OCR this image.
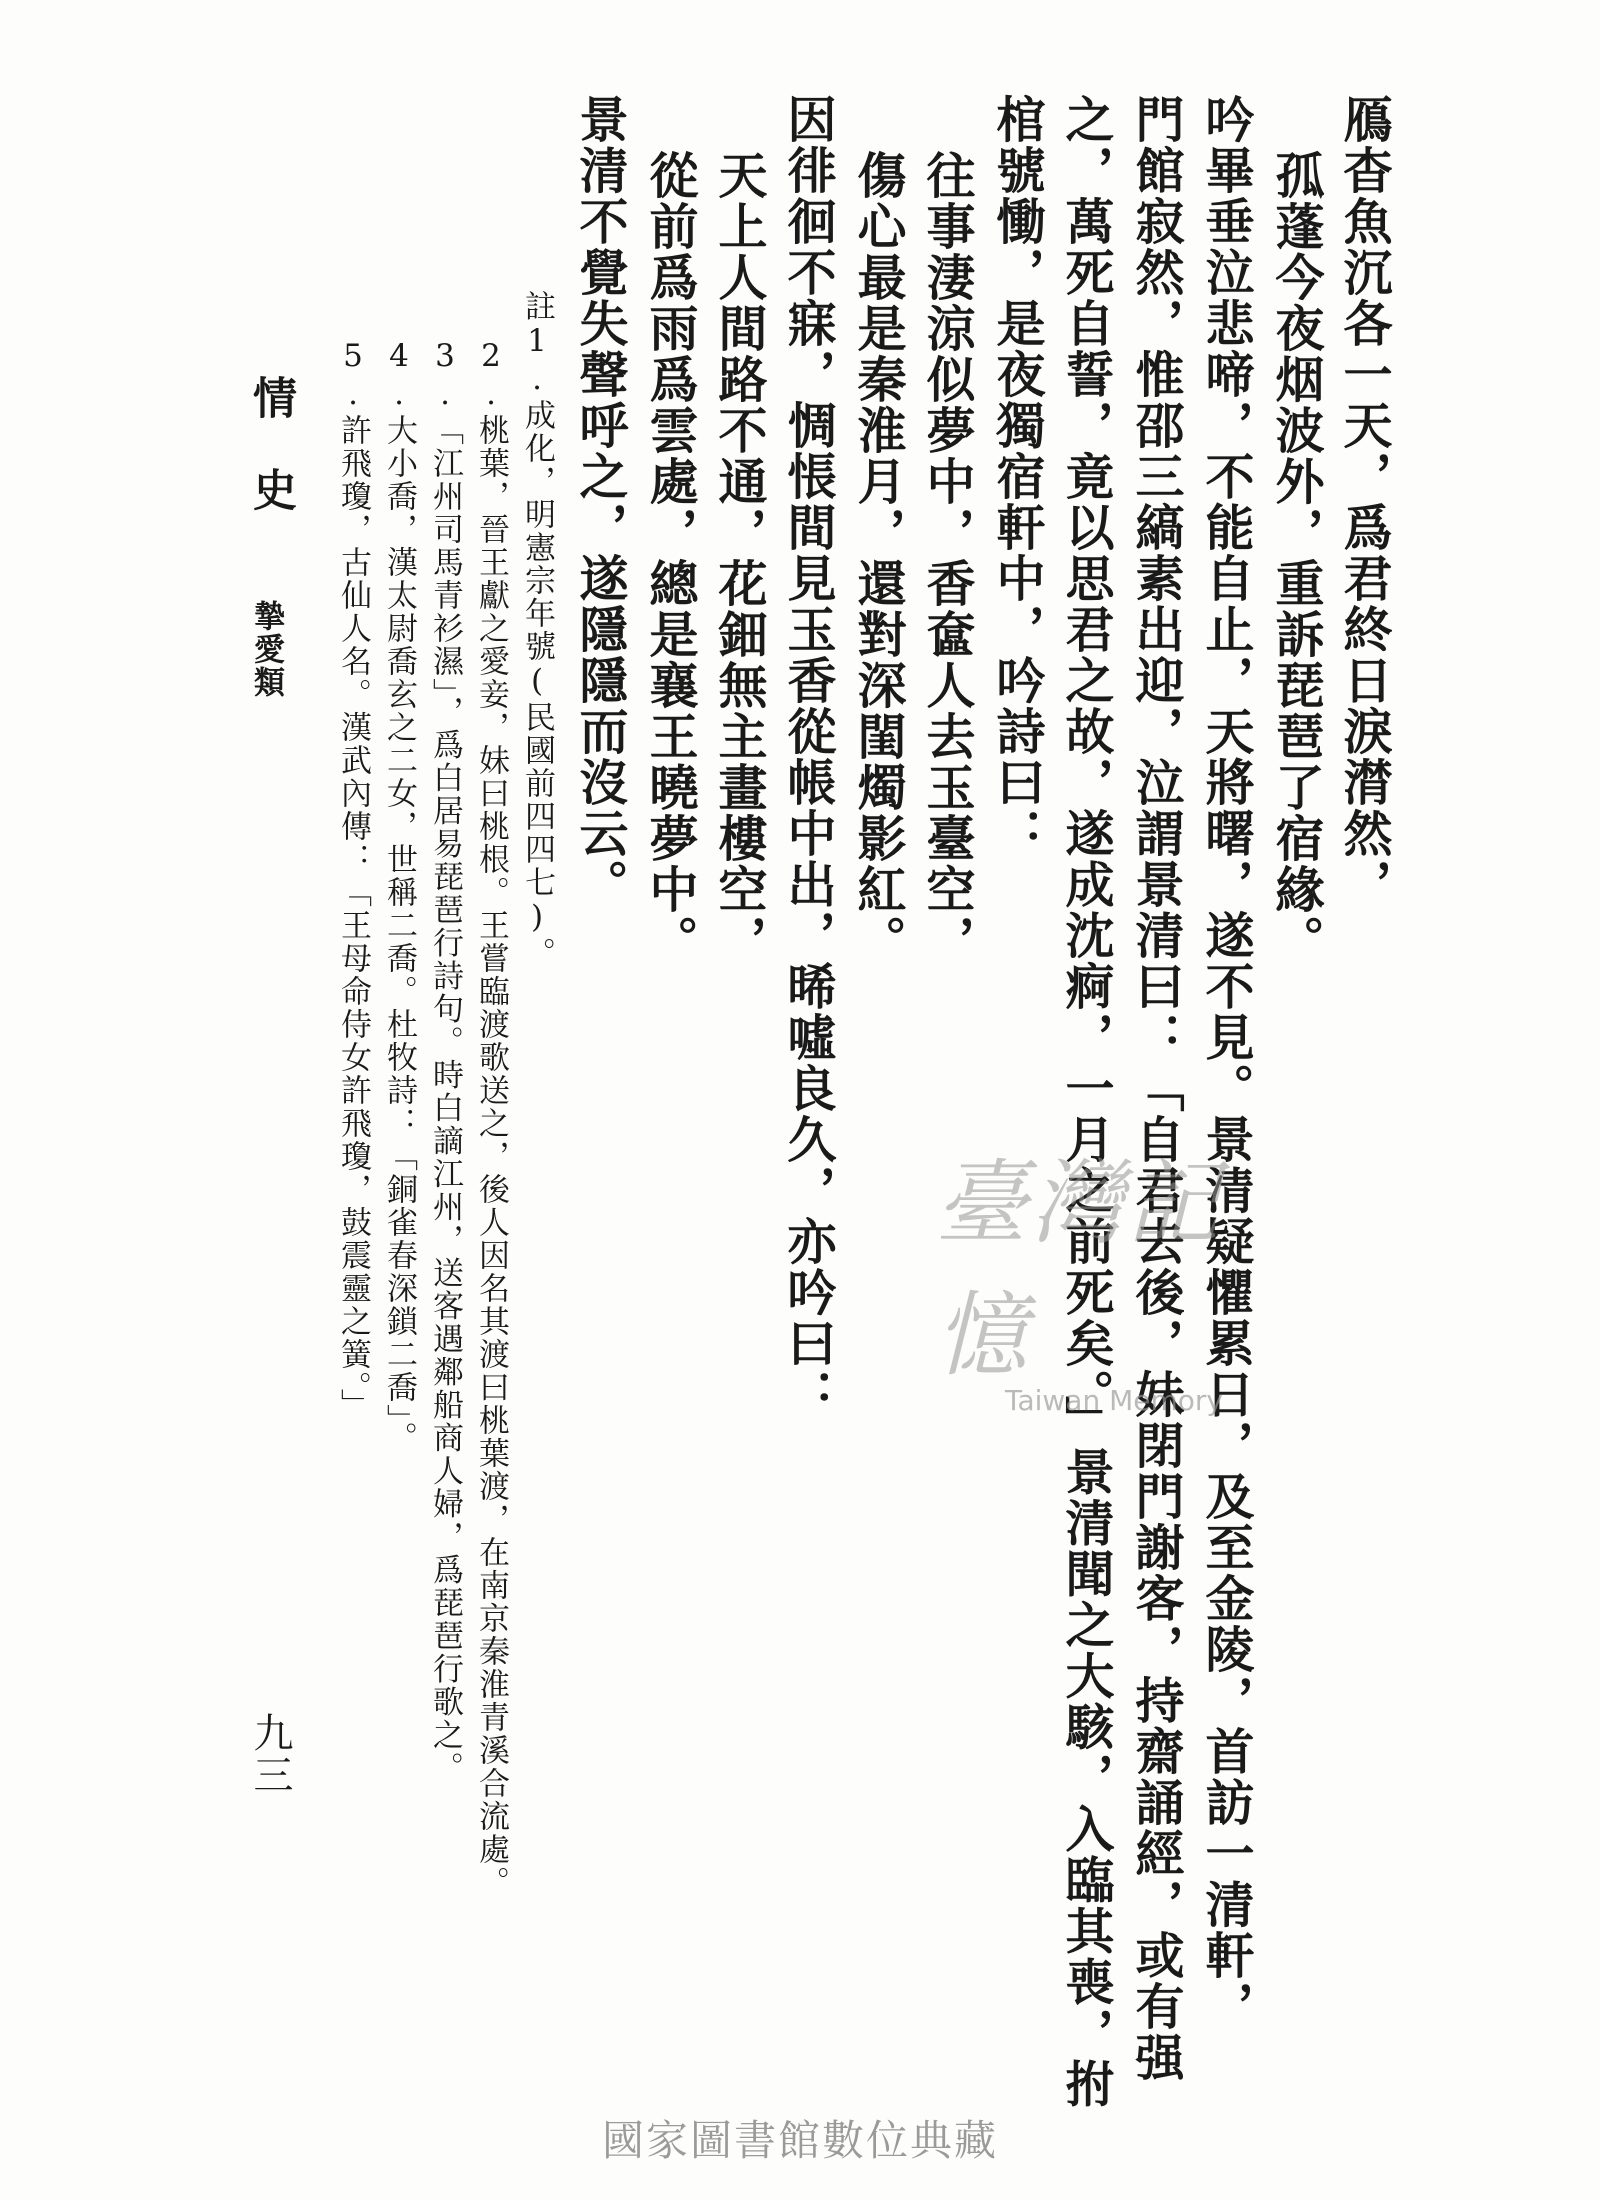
鴈杳魚沉各一天，爲君終日淚潸然，
孤蓬今夜烟波外，重訴琵琶了宿緣。
吟畢垂泣悲啼，不能自止，天將曙，遂不見。景清疑懼累日，及至金陵，首訪一清軒，
門館寂然，惟邵三縞素出迎，泣謂景清曰：「自君去後，妹閉門謝客，持齋誦經，或有强
之，萬死自誓，竟以思君之故，遂成沈痾，一月之前死矣。」景清聞之大駭，入臨其喪，拊
棺號慟，是夜獨宿軒中，吟詩曰：
往事淒涼似夢中，香奩人去玉臺空，
傷心最是秦淮月，還對深閨燭影紅。
因徘徊不寐，惆悵間見玉香從帳中出，晞噓良久，亦吟曰：
天上人間路不通，花鈿無主畫樓空，
從前爲雨爲雲處，總是襄王曉夢中。
景清不覺失聲呼之，遂隱隱而沒云。
註1.成化，明憲宗年號(民國前四四七)。
2.桃葉，晉王獻之愛妾，妹曰桃根。王嘗臨渡歌送之，後人因名其渡曰桃葉渡，在南京秦淮青溪合流處。
3.「江州司馬青衫濕」，爲白居易琵琶行詩句。時白謫江州，送客遇鄰船商人婦，爲琵琶行歌之。
4.大小喬，漢太尉喬玄之二女，世稱二喬。杜牧詩：「銅雀春深鎖二喬」。
5.許飛瓊，古仙人名。漢武內傳：「王母命侍女許飛瓊，鼓震靈之簧。」
情　史
摯愛類
九三
臺灣記憶
Taiwan Memory
國家圖書館數位典藏
